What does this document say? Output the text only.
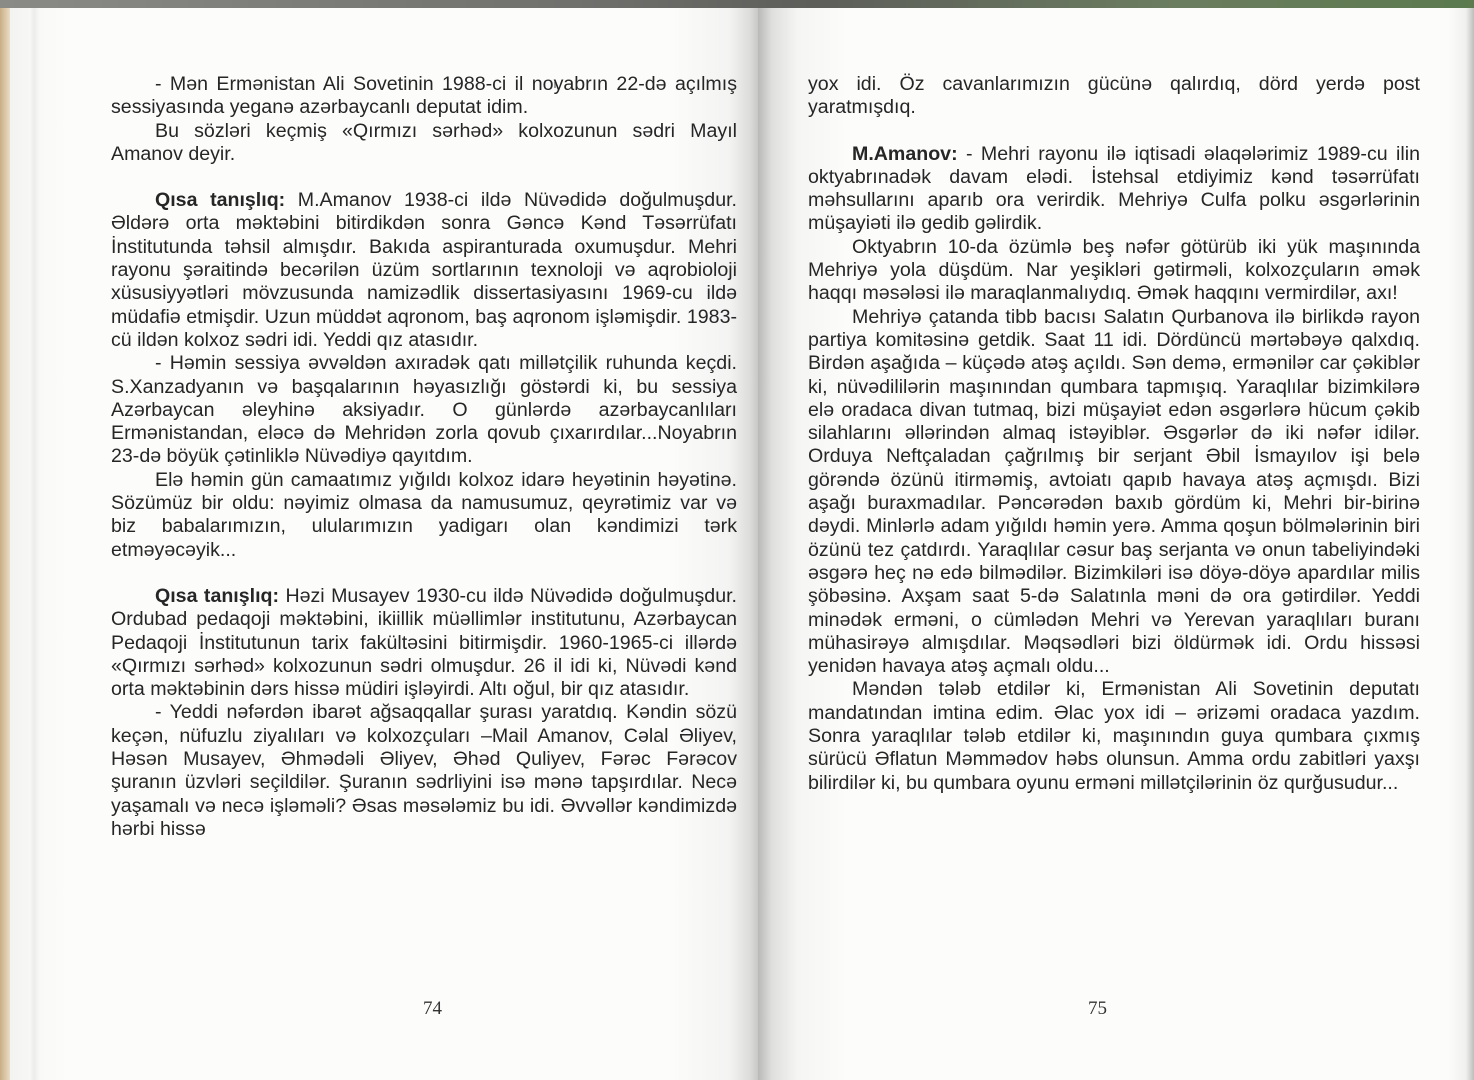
- Mən Ermənistan Ali Sovetinin 1988-ci il noyabrın 22-də açılmış sessiyasında yeganə azərbaycanlı deputat idim.

Bu sözləri keçmiş «Qırmızı sərhəd» kolxozunun sədri Mayıl Amanov deyir.

Qısa tanışlıq: M.Amanov 1938-ci ildə Nüvədidə doğulmuşdur. Əldərə orta məktəbini bitirdikdən sonra Gəncə Kənd Təsərrüfatı İnstitutunda təhsil almışdır. Bakıda aspiranturada oxumuşdur. Mehri rayonu şəraitində becərilən üzüm sortlarının texnoloji və aqrobioloji xüsusiyyətləri mövzusunda namizədlik dissertasiyasını 1969-cu ildə müdafiə etmişdir. Uzun müddət aqronom, baş aqronom işləmişdir. 1983-cü ildən kolxoz sədri idi. Yeddi qız atasıdır.

- Həmin sessiya əvvəldən axıradək qatı millətçilik ruhunda keçdi. S.Xanzadyanın və başqalarının həyasızlığı göstərdi ki, bu sessiya Azərbaycan əleyhinə aksiyadır. O günlərdə azərbaycanlıları Ermənistandan, eləcə də Mehridən zorla qovub çıxarırdılar...Noyabrın 23-də böyük çətinliklə Nüvədiyə qayıtdım.

Elə həmin gün camaatımız yığıldı kolxoz idarə heyətinin həyətinə. Sözümüz bir oldu: nəyimiz olmasa da namusumuz, qeyrətimiz var və biz babalarımızın, ulularımızın yadigarı olan kəndimizi tərk etməyəcəyik...

Qısa tanışlıq: Həzi Musayev 1930-cu ildə Nüvədidə doğulmuşdur. Ordubad pedaqoji məktəbini, ikiillik müəllimlər institutunu, Azərbaycan Pedaqoji İnstitutunun tarix fakültəsini bitirmişdir. 1960-1965-ci illərdə «Qırmızı sərhəd» kolxozunun sədri olmuşdur. 26 il idi ki, Nüvədi kənd orta məktəbinin dərs hissə müdiri işləyirdi. Altı oğul, bir qız atasıdır.

- Yeddi nəfərdən ibarət ağsaqqallar şurası yaratdıq. Kəndin sözü keçən, nüfuzlu ziyalıları və kolxozçuları –Mail Amanov, Cəlal Əliyev, Həsən Musayev, Əhmədəli Əliyev, Əhəd Quliyev, Fərəc Fərəcov şuranın üzvləri seçildilər. Şuranın sədrliyini isə mənə tapşırdılar. Necə yaşamalı və necə işləməli? Əsas məsələmiz bu idi. Əvvəllər kəndimizdə hərbi hissə

yox idi. Öz cavanlarımızın gücünə qalırdıq, dörd yerdə post yaratmışdıq.

M.Amanov: - Mehri rayonu ilə iqtisadi əlaqələrimiz 1989-cu ilin oktyabrınadək davam elədi. İstehsal etdiyimiz kənd təsərrüfatı məhsullarını aparıb ora verirdik. Mehriyə Culfa polku əsgərlərinin müşayiəti ilə gedib gəlirdik.

Oktyabrın 10-da özümlə beş nəfər götürüb iki yük maşınında Mehriyə yola düşdüm. Nar yeşikləri gətirməli, kolxozçuların əmək haqqı məsələsi ilə maraqlanmalıydıq. Əmək haqqını vermirdilər, axı!

Mehriyə çatanda tibb bacısı Salatın Qurbanova ilə birlikdə rayon partiya komitəsinə getdik. Saat 11 idi. Dördüncü mərtəbəyə qalxdıq. Birdən aşağıda – küçədə atəş açıldı. Sən demə, ermənilər car çəkiblər ki, nüvədililərin maşınından qumbara tapmışıq. Yaraqlılar bizimkilərə elə oradaca divan tutmaq, bizi müşayiət edən əsgərlərə hücum çəkib silahlarını əllərindən almaq istəyiblər. Əsgərlər də iki nəfər idilər. Orduya Neftçaladan çağrılmış bir serjant Əbil İsmayılov işi belə görəndə özünü itirməmiş, avtoiatı qapıb havaya atəş açmışdı. Bizi aşağı buraxmadılar. Pəncərədən baxıb gördüm ki, Mehri bir-birinə dəydi. Minlərlə adam yığıldı həmin yerə. Amma qoşun bölmələrinin biri özünü tez çatdırdı. Yaraqlılar cəsur baş serjanta və onun tabeliyindəki əsgərə heç nə edə bilmədilər. Bizimkiləri isə döyə-döyə apardılar milis şöbəsinə. Axşam saat 5-də Salatınla məni də ora gətirdilər. Yeddi minədək erməni, o cümlədən Mehri və Yerevan yaraqlıları buranı mühasirəyə almışdılar. Məqsədləri bizi öldürmək idi. Ordu hissəsi yenidən havaya atəş açmalı oldu...

Məndən tələb etdilər ki, Ermənistan Ali Sovetinin deputatı mandatından imtina edim. Əlac yox idi – ərizəmi oradaca yazdım. Sonra yaraqlılar tələb etdilər ki, maşınındın guya qumbara çıxmış sürücü Əflatun Məmmədov həbs olunsun. Amma ordu zabitləri yaxşı bilirdilər ki, bu qumbara oyunu erməni millətçilərinin öz qurğusudur...

74	75
